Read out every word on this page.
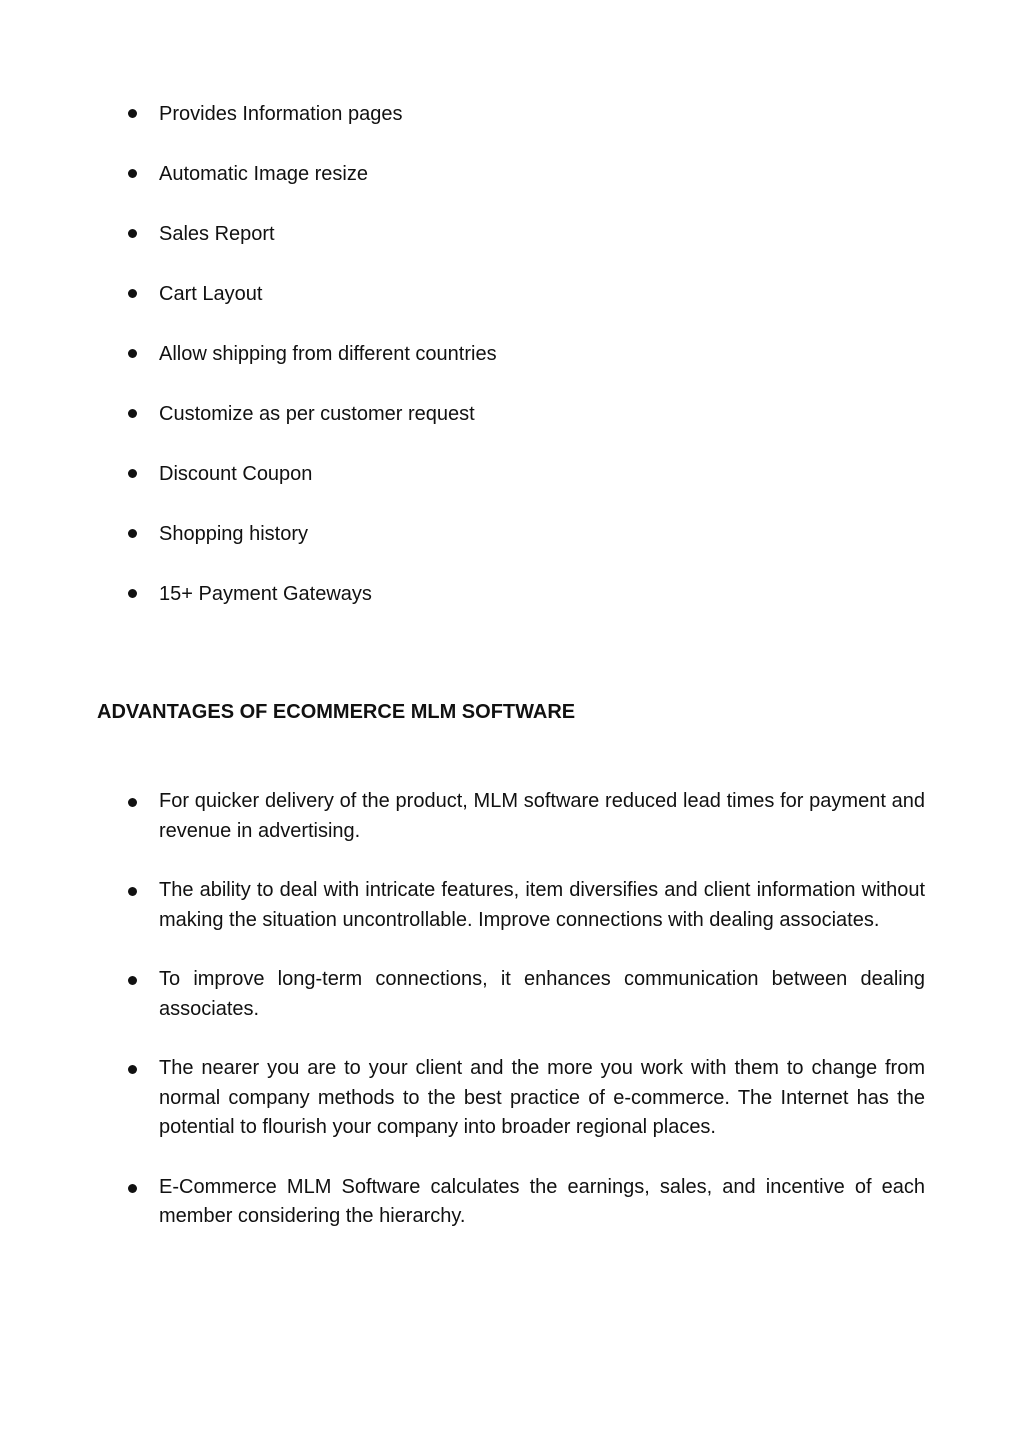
Provides Information pages
Automatic Image resize
Sales Report
Cart Layout
Allow shipping from different countries
Customize as per customer request
Discount Coupon
Shopping history
15+ Payment Gateways
ADVANTAGES OF ECOMMERCE MLM SOFTWARE
For quicker delivery of the product, MLM software reduced lead times for payment and revenue in advertising.
The ability to deal with intricate features, item diversifies and client information without making the situation uncontrollable. Improve connections with dealing associates.
To improve long-term connections, it enhances communication between dealing associates.
The nearer you are to your client and the more you work with them to change from normal company methods to the best practice of e-commerce. The Internet has the potential to flourish your company into broader regional places.
E-Commerce MLM Software calculates the earnings, sales, and incentive of each member considering the hierarchy.
